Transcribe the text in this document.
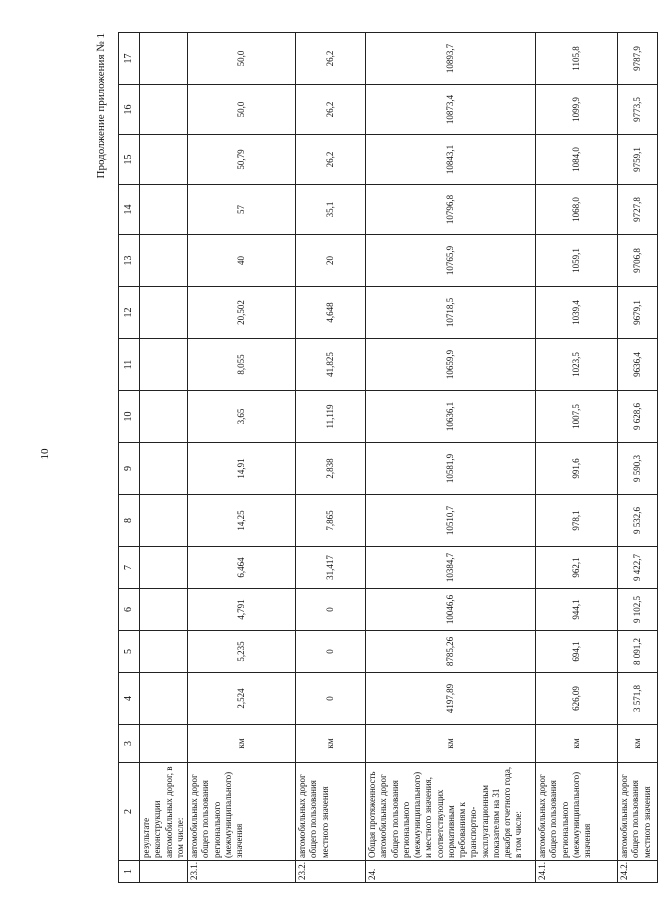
10
Продолжение приложения № 1
1	2	3	4	5	6	7	8	9	10	11	12	13	14	15	16	17
	результате реконструкции автомобильных дорог, в том числе:															
23.1.	автомобильных дорог общего пользования регионального (межмуниципального) значения	км	2,524	5,235	4,791	6,464	14,25	14,91	3,65	8,055	20,502	40	57	50,79	50,0	50,0
23.2.	автомобильных дорог общего пользования местного значения	км	0	0	0	31,417	7,865	2,838	11,119	41,825	4,648	20	35,1	26,2	26,2	26,2
24.	Общая протяженность автомобильных дорог общего пользования регионального (межмуниципального) и местного значения, соответствующих нормативным требованиям к транспортно-эксплуатационным показателям на 31 декабря отчетного года, в том числе:	км	4197,89	8785,26	10046,6	10384,7	10510,7	10581,9	10636,1	10659,9	10718,5	10765,9	10796,8	10843,1	10873,4	10893,7
24.1.	автомобильных дорог общего пользования регионального (межмуниципального) значения	км	626,09	694,1	944,1	962,1	978,1	991,6	1007,5	1023,5	1039,4	1059,1	1068,0	1084,0	1099,9	1105,8
24.2.	автомобильных дорог общего пользования местного значения	км	3 571,8	8 091,2	9 102,5	9 422,7	9 532,6	9 590,3	9 628,6	9636,4	9679,1	9706,8	9727,8	9759,1	9773,5	9787,9
